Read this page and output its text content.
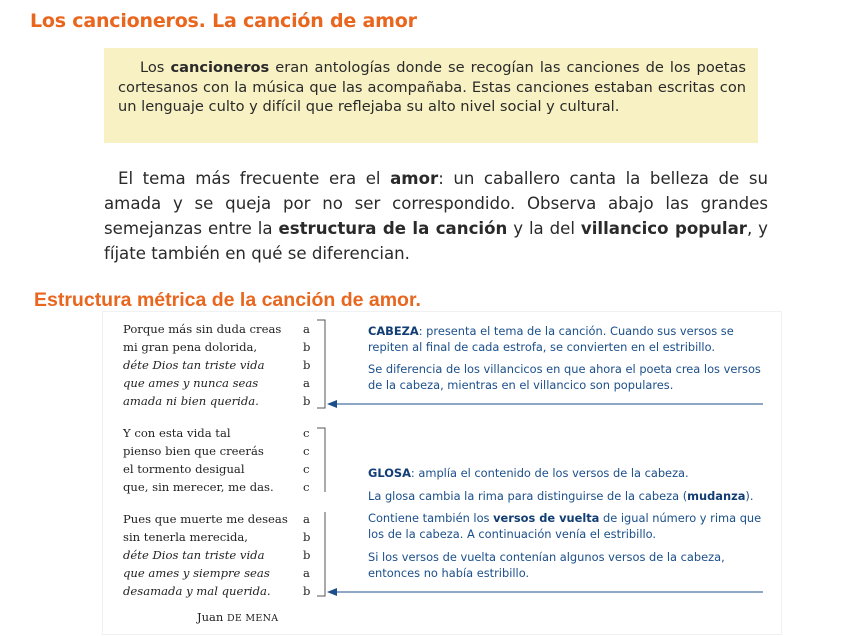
Los cancioneros. La canción de amor
Los cancioneros eran antologías donde se recogían las canciones de los poetas cortesanos con la música que las acompañaba. Estas canciones estaban escritas con un lenguaje culto y difícil que reflejaba su alto nivel social y cultural.
El tema más frecuente era el amor: un caballero canta la belleza de su amada y se queja por no ser correspondido. Observa abajo las grandes semejanzas entre la estructura de la canción y la del villancico popular, y fíjate también en qué se diferencian.
Estructura métrica de la canción de amor.
Porque más sin duda creas a
mi gran pena dolorida,	b
déte Dios tan triste vida	b
que ames y nunca seas	a
amada ni bien querida.	b
Y con esta vida tal	c
pienso bien que creerás	c
el tormento desigual	c
que, sin merecer, me das.	c
Pues que muerte me deseas a
sin tenerla merecida,	b
déte Dios tan triste vida	b
que ames y siempre seas	a
desamada y mal querida.	b
Juan DE MENA
CABEZA: presenta el tema de la canción. Cuando sus versos se repiten al final de cada estrofa, se convierten en el estribillo.
Se diferencia de los villancicos en que ahora el poeta crea los versos de la cabeza, mientras en el villancico son populares.
GLOSA: amplía el contenido de los versos de la cabeza.
La glosa cambia la rima para distinguirse de la cabeza (mudanza).
Contiene también los versos de vuelta de igual número y rima que los de la cabeza. A continuación venía el estribillo.
Si los versos de vuelta contenían algunos versos de la cabeza, entonces no había estribillo.
